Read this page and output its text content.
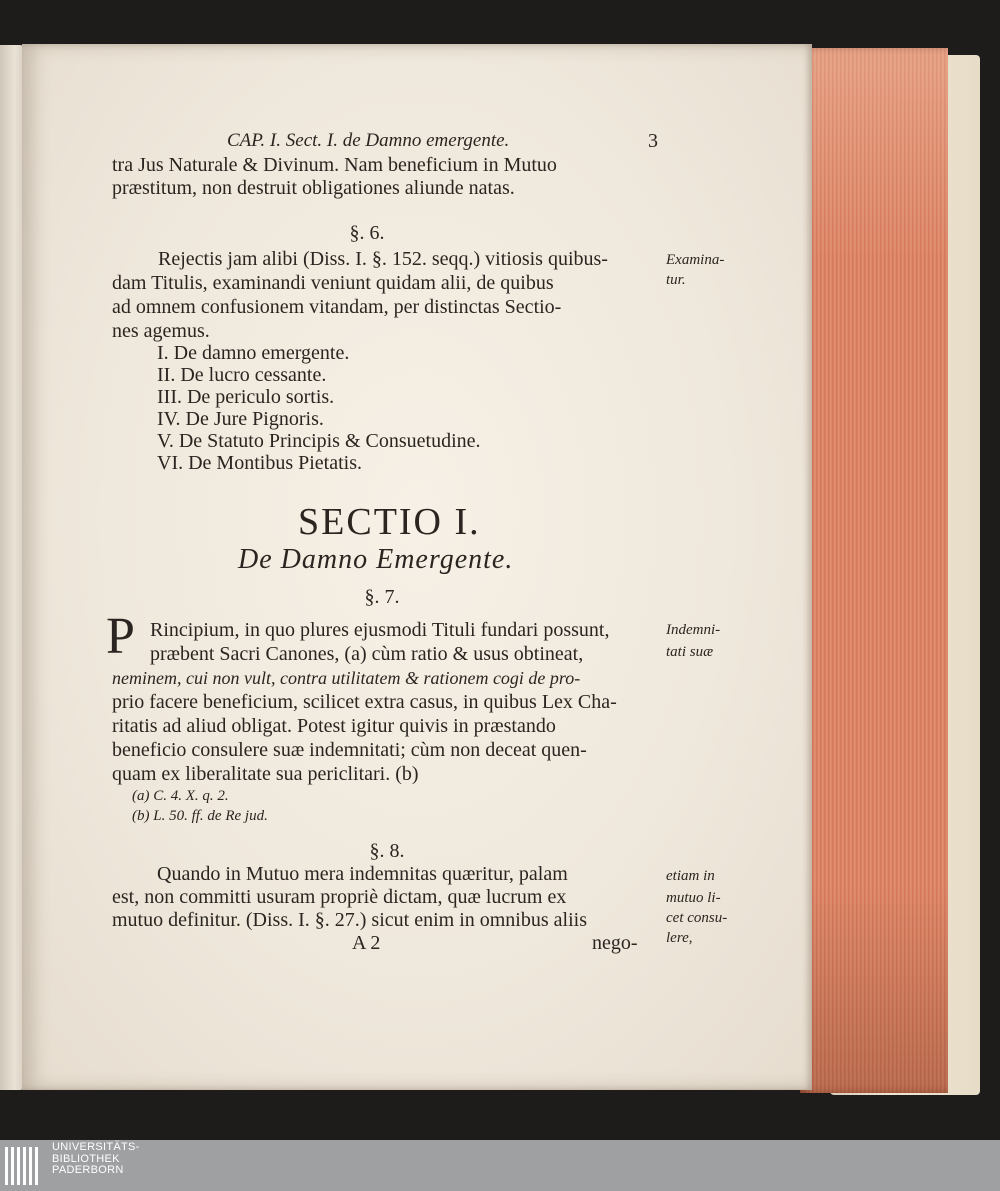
CAP. I. Sect. I. de Damno emergente.	3
tra Jus Naturale & Divinum. Nam beneficium in Mutuo
præstitum, non destruit obligationes aliunde natas.
§. 6.
Rejectis jam alibi (Diss. I. §. 152. seqq.) vitiosis quibus-
dam Titulis, examinandi veniunt quidam alii, de quibus
ad omnem confusionem vitandam, per distinctas Sectio-
nes agemus.
I. De damno emergente.
II. De lucro cessante.
III. De periculo sortis.
IV. De Jure Pignoris.
V. De Statuto Principis & Consuetudine.
VI. De Montibus Pietatis.
SECTIO I.
De Damno Emergente.
§. 7.
P Rincipium, in quo plures ejusmodi Tituli fundari possunt,
præbent Sacri Canones, (a) cùm ratio & usus obtineat,
neminem, cui non vult, contra utilitatem & rationem cogi de pro-
prio facere beneficium, scilicet extra casus, in quibus Lex Cha-
ritatis ad aliud obligat. Potest igitur quivis in præstando
beneficio consulere suæ indemnitati; cùm non deceat quen-
quam ex liberalitate sua periclitari. (b)
(a) C. 4. X. q. 2.
(b) L. 50. ff. de Re jud.
§. 8.
Quando in Mutuo mera indemnitas quæritur, palam
est, non committi usuram propriè dictam, quæ lucrum ex
mutuo definitur. (Diss. I. §. 27.) sicut enim in omnibus aliis
A 2	nego-
Examina-
tur.
Indemni-
tati suæ
etiam in
mutuo li-
cet consu-
lere,
UNIVERSITÄTS-
BIBLIOTHEK
PADERBORN
